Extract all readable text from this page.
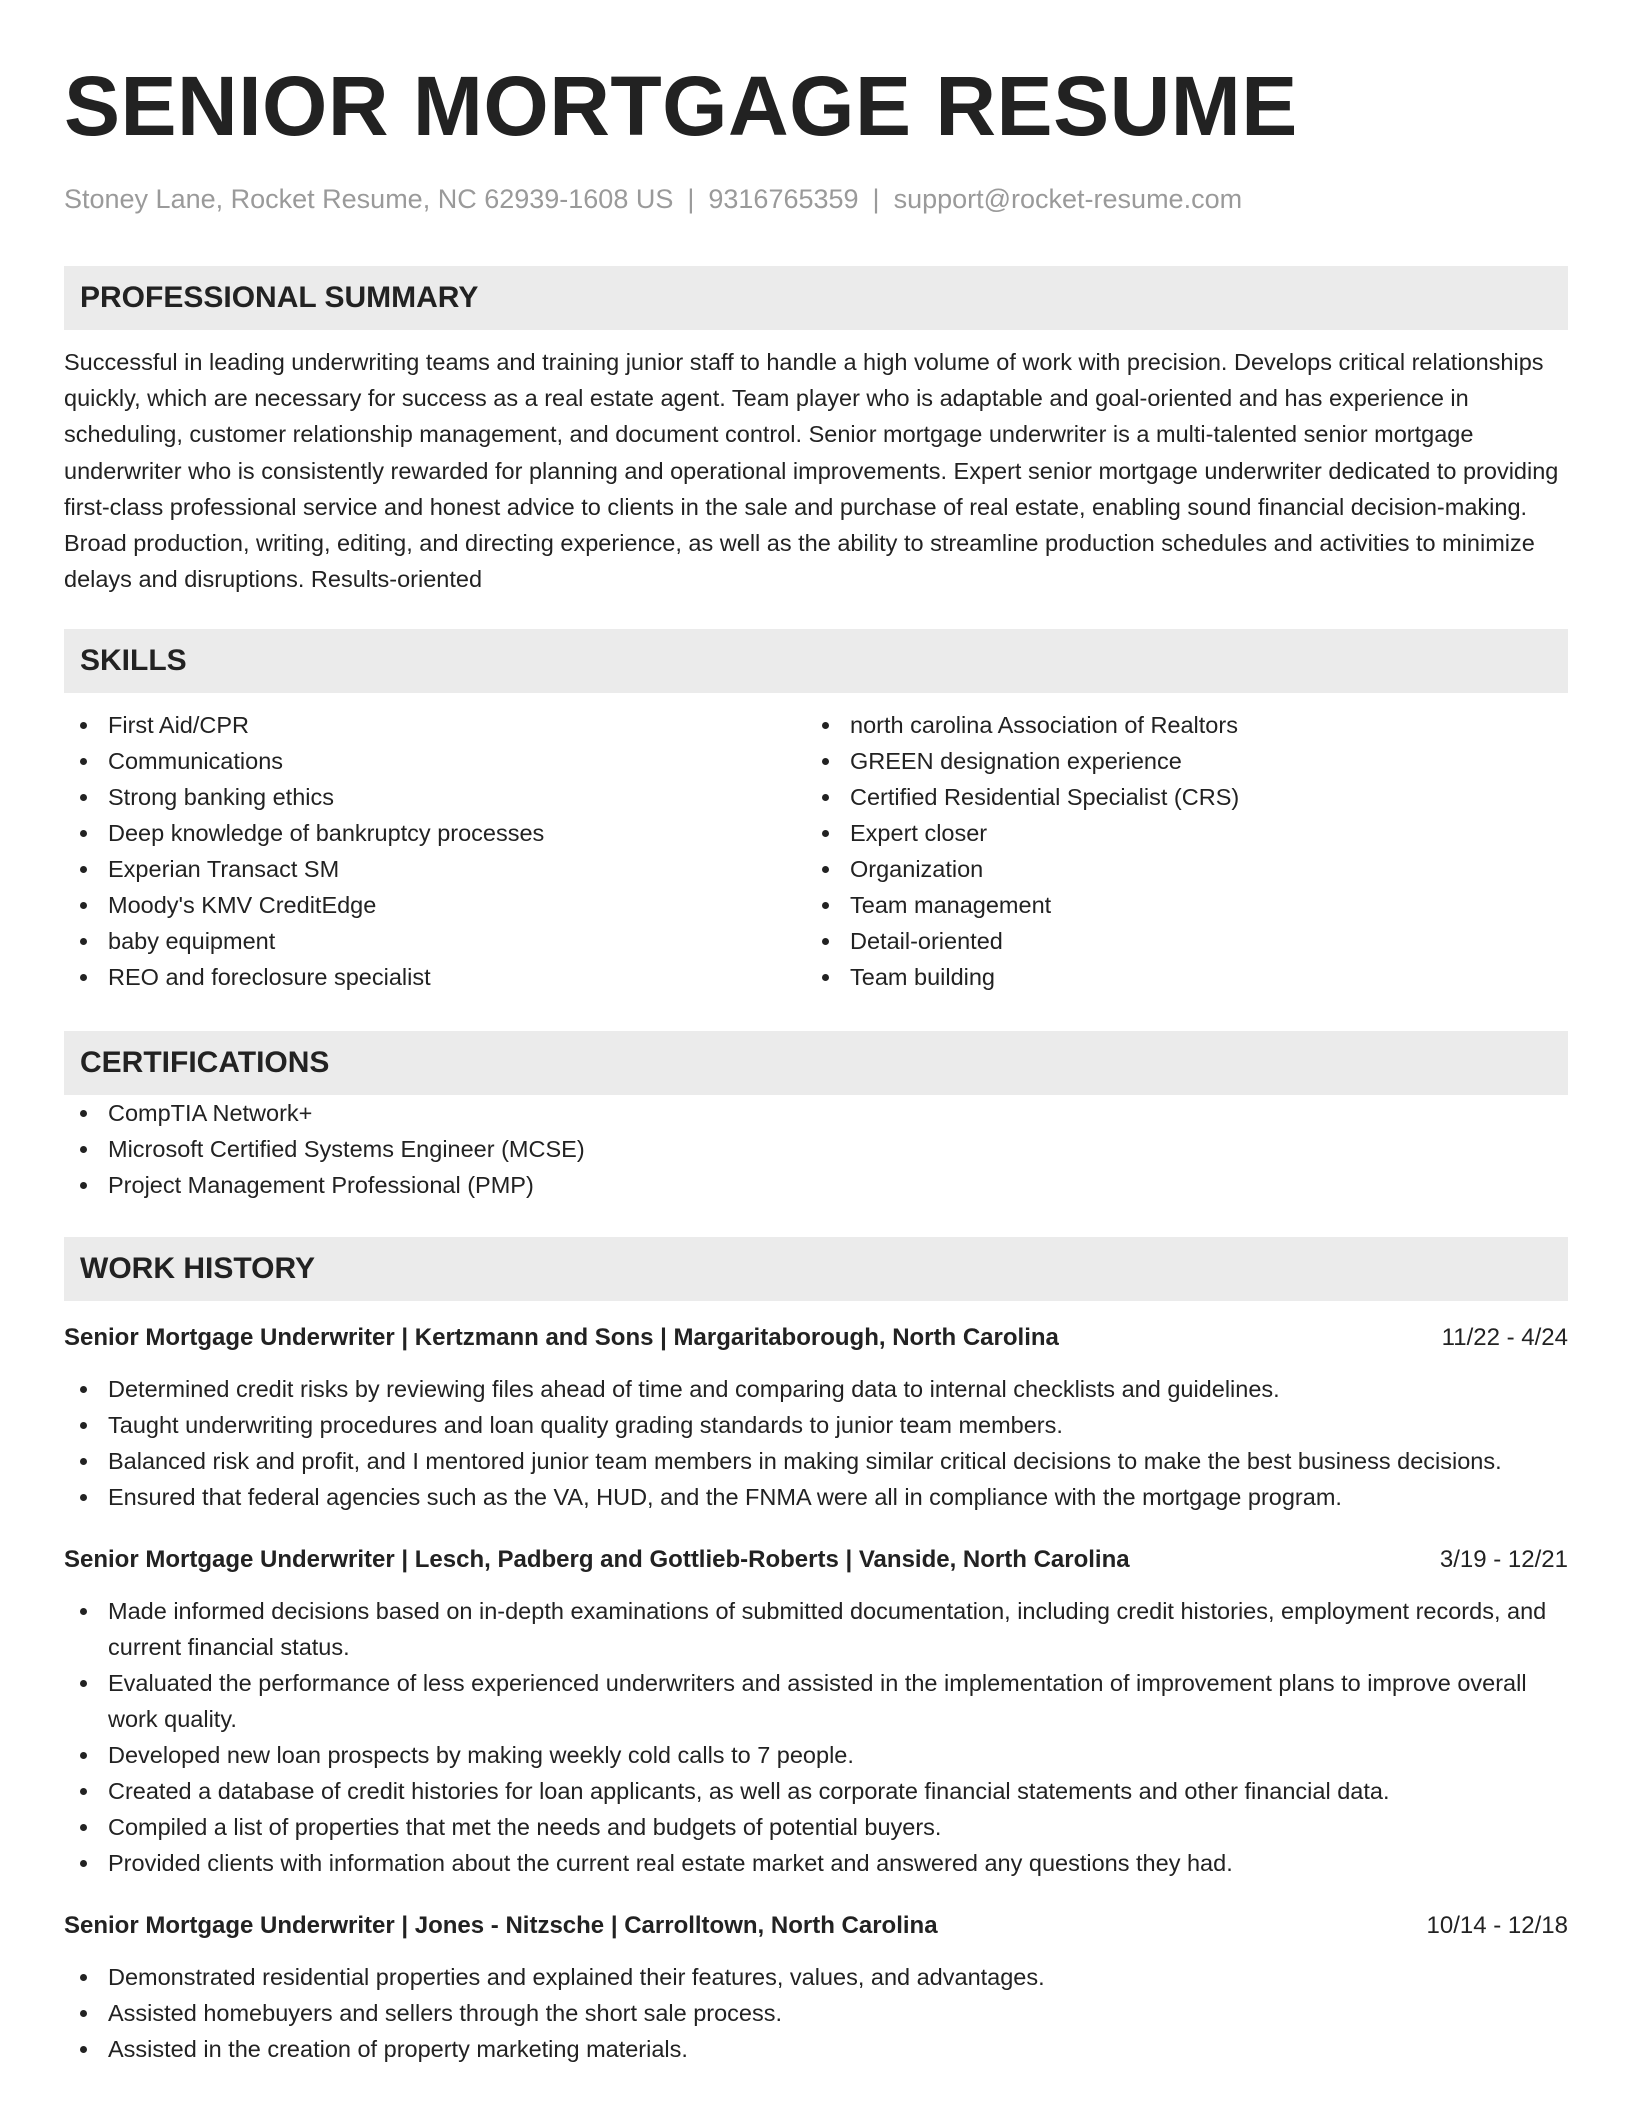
SENIOR MORTGAGE RESUME
Stoney Lane, Rocket Resume, NC 62939-1608 US | 9316765359 | support@rocket-resume.com
PROFESSIONAL SUMMARY
Successful in leading underwriting teams and training junior staff to handle a high volume of work with precision. Develops critical relationships quickly, which are necessary for success as a real estate agent. Team player who is adaptable and goal-oriented and has experience in scheduling, customer relationship management, and document control. Senior mortgage underwriter is a multi-talented senior mortgage underwriter who is consistently rewarded for planning and operational improvements. Expert senior mortgage underwriter dedicated to providing first-class professional service and honest advice to clients in the sale and purchase of real estate, enabling sound financial decision-making. Broad production, writing, editing, and directing experience, as well as the ability to streamline production schedules and activities to minimize delays and disruptions. Results-oriented
SKILLS
First Aid/CPR
Communications
Strong banking ethics
Deep knowledge of bankruptcy processes
Experian Transact SM
Moody's KMV CreditEdge
baby equipment
REO and foreclosure specialist
north carolina Association of Realtors
GREEN designation experience
Certified Residential Specialist (CRS)
Expert closer
Organization
Team management
Detail-oriented
Team building
CERTIFICATIONS
CompTIA Network+
Microsoft Certified Systems Engineer (MCSE)
Project Management Professional (PMP)
WORK HISTORY
Senior Mortgage Underwriter | Kertzmann and Sons | Margaritaborough, North Carolina	11/22 - 4/24
Determined credit risks by reviewing files ahead of time and comparing data to internal checklists and guidelines.
Taught underwriting procedures and loan quality grading standards to junior team members.
Balanced risk and profit, and I mentored junior team members in making similar critical decisions to make the best business decisions.
Ensured that federal agencies such as the VA, HUD, and the FNMA were all in compliance with the mortgage program.
Senior Mortgage Underwriter | Lesch, Padberg and Gottlieb-Roberts | Vanside, North Carolina	3/19 - 12/21
Made informed decisions based on in-depth examinations of submitted documentation, including credit histories, employment records, and current financial status.
Evaluated the performance of less experienced underwriters and assisted in the implementation of improvement plans to improve overall work quality.
Developed new loan prospects by making weekly cold calls to 7 people.
Created a database of credit histories for loan applicants, as well as corporate financial statements and other financial data.
Compiled a list of properties that met the needs and budgets of potential buyers.
Provided clients with information about the current real estate market and answered any questions they had.
Senior Mortgage Underwriter | Jones - Nitzsche | Carrolltown, North Carolina	10/14 - 12/18
Demonstrated residential properties and explained their features, values, and advantages.
Assisted homebuyers and sellers through the short sale process.
Assisted in the creation of property marketing materials.
